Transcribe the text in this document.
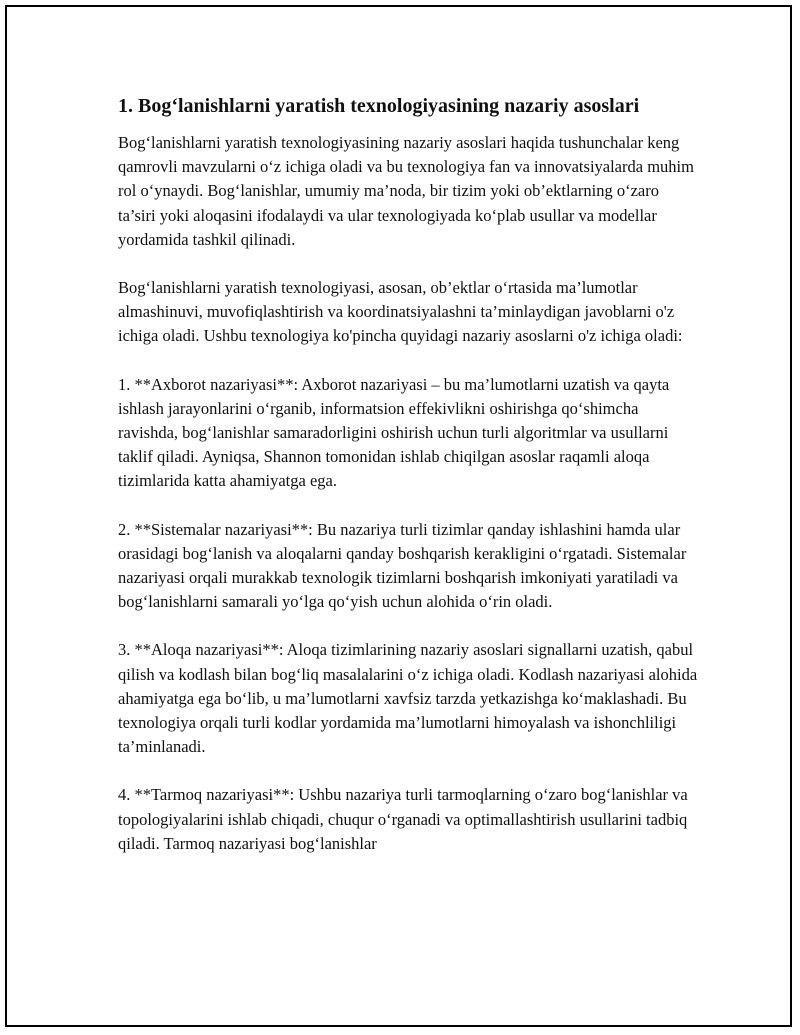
1. Bog‘lanishlarni yaratish texnologiyasining nazariy asoslari

Bog‘lanishlarni yaratish texnologiyasining nazariy asoslari haqida tushunchalar keng qamrovli mavzularni o‘z ichiga oladi va bu texnologiya fan va innovatsiyalarda muhim rol o‘ynaydi. Bog‘lanishlar, umumiy ma’noda, bir tizim yoki ob’ektlarning o‘zaro ta’siri yoki aloqasini ifodalaydi va ular texnologiyada ko‘plab usullar va modellar yordamida tashkil qilinadi.

Bog‘lanishlarni yaratish texnologiyasi, asosan, ob’ektlar o‘rtasida ma’lumotlar almashinuvi, muvofiqlashtirish va koordinatsiyalashni ta’minlaydigan javoblarni o'z ichiga oladi. Ushbu texnologiya ko'pincha quyidagi nazariy asoslarni o'z ichiga oladi:

1. **Axborot nazariyasi**: Axborot nazariyasi – bu ma’lumotlarni uzatish va qayta ishlash jarayonlarini o‘rganib, informatsion effekivlikni oshirishga qo‘shimcha ravishda, bog‘lanishlar samaradorligini oshirish uchun turli algoritmlar va usullarni taklif qiladi. Ayniqsa, Shannon tomonidan ishlab chiqilgan asoslar raqamli aloqa tizimlarida katta ahamiyatga ega.

2. **Sistemalar nazariyasi**: Bu nazariya turli tizimlar qanday ishlashini hamda ular orasidagi bog‘lanish va aloqalarni qanday boshqarish kerakligini o‘rgatadi. Sistemalar nazariyasi orqali murakkab texnologik tizimlarni boshqarish imkoniyati yaratiladi va bog‘lanishlarni samarali yo‘lga qo‘yish uchun alohida o‘rin oladi.

3. **Aloqa nazariyasi**: Aloqa tizimlarining nazariy asoslari signallarni uzatish, qabul qilish va kodlash bilan bog‘liq masalalarini o‘z ichiga oladi. Kodlash nazariyasi alohida ahamiyatga ega bo‘lib, u ma’lumotlarni xavfsiz tarzda yetkazishga ko‘maklashadi. Bu texnologiya orqali turli kodlar yordamida ma’lumotlarni himoyalash va ishonchliligi ta’minlanadi.

4. **Tarmoq nazariyasi**: Ushbu nazariya turli tarmoqlarning o‘zaro bog‘lanishlar va topologiyalarini ishlab chiqadi, chuqur o‘rganadi va optimallashtirish usullarini tadbiq qiladi. Tarmoq nazariyasi bog‘lanishlar
